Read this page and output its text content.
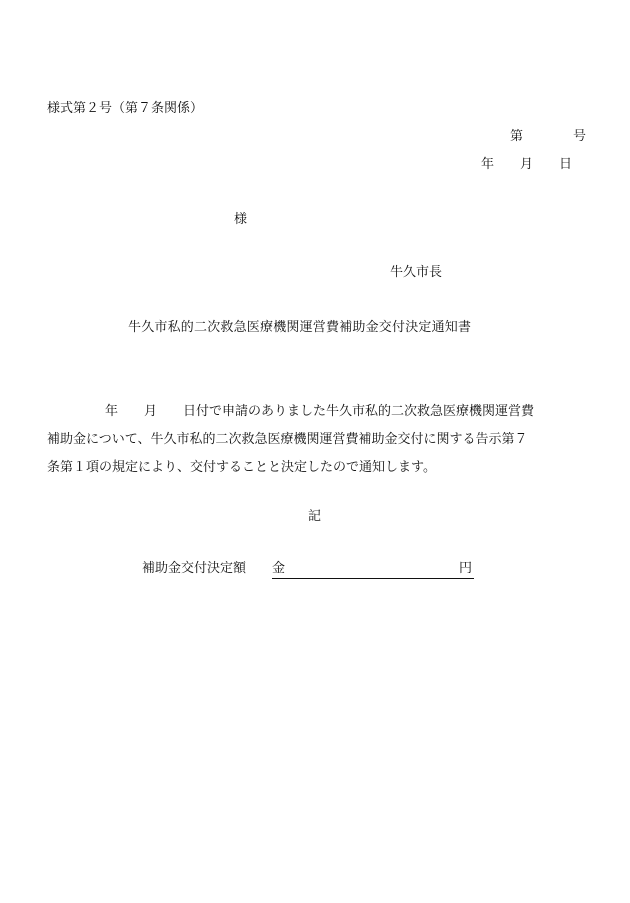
様式第２号（第７条関係）
第	号
年 月 日
様
牛久市長
牛久市私的二次救急医療機関運営費補助金交付決定通知書
年 月 日付で申請のありました牛久市私的二次救急医療機関運営費
補助金について、牛久市私的二次救急医療機関運営費補助金交付に関する告示第７
条第１項の規定により、交付することと決定したので通知します。
記
補助金交付決定額 金	円
